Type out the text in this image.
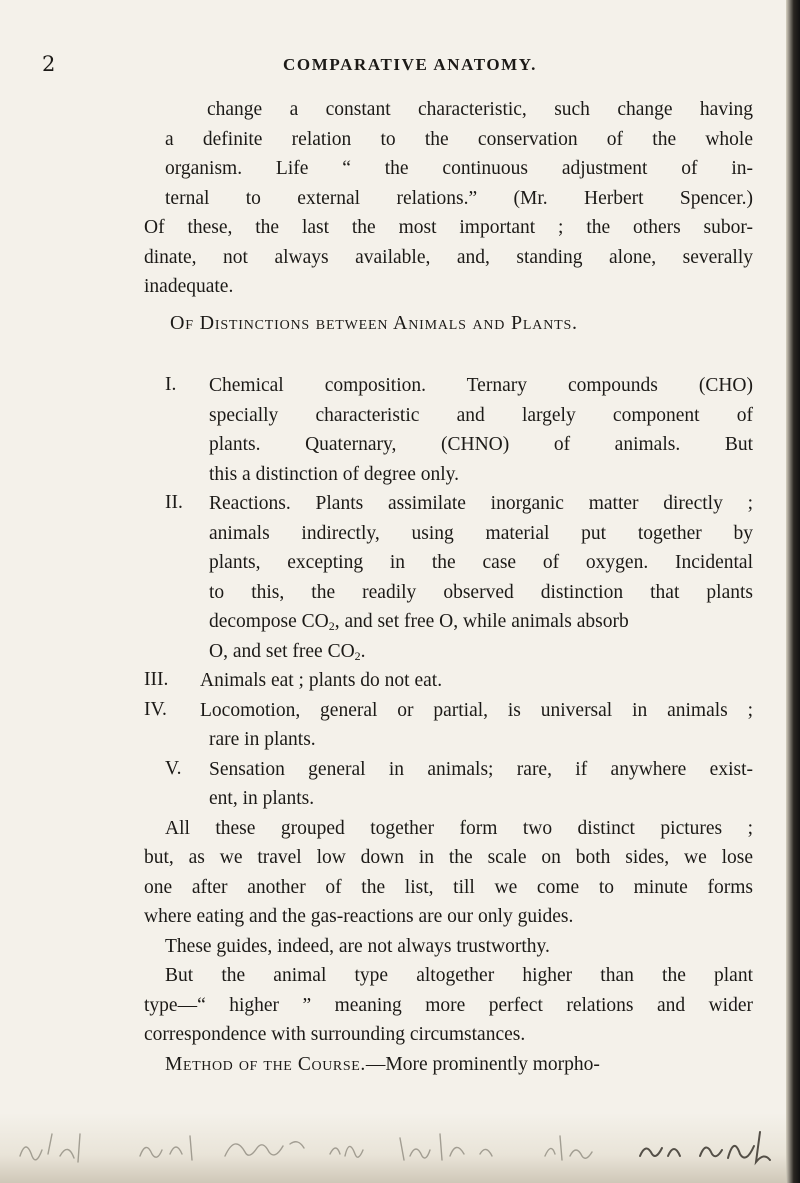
2	COMPARATIVE ANATOMY.
change a constant characteristic, such change having
a definite relation to the conservation of the whole
organism. Life “ the continuous adjustment of in-
ternal to external relations.” (Mr. Herbert Spencer.)
Of these, the last the most important ; the others subor-
dinate, not always available, and, standing alone, severally
inadequate.
Of Distinctions between Animals and Plants.
I. Chemical composition. Ternary compounds (CHO)
specially characteristic and largely component of
plants. Quaternary, (CHNO) of animals. But
this a distinction of degree only.
II. Reactions. Plants assimilate inorganic matter directly ;
animals indirectly, using material put together by
plants, excepting in the case of oxygen. Incidental
to this, the readily observed distinction that plants
decompose $CO_2$, and set free O, while animals absorb
O, and set free $CO_2$.
III. Animals eat ; plants do not eat.
IV. Locomotion, general or partial, is universal in animals ;
rare in plants.
V. Sensation general in animals; rare, if anywhere exist-
ent, in plants.
All these grouped together form two distinct pictures ;
but, as we travel low down in the scale on both sides, we lose
one after another of the list, till we come to minute forms
where eating and the gas-reactions are our only guides.
These guides, indeed, are not always trustworthy.
But the animal type altogether higher than the plant
type—“ higher ” meaning more perfect relations and wider
correspondence with surrounding circumstances.
Method of the Course.—More prominently morpho-
